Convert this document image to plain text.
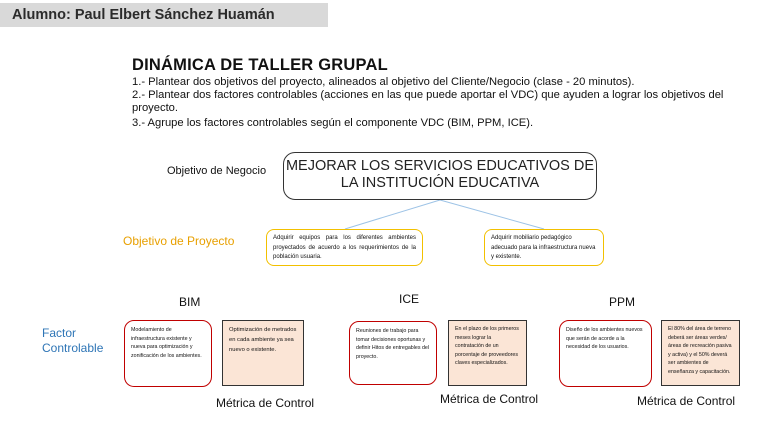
Alumno: Paul Elbert Sánchez Huamán
DINÁMICA DE TALLER GRUPAL
1.- Plantear dos objetivos del proyecto, alineados al objetivo del Cliente/Negocio (clase - 20 minutos).
2.- Plantear dos factores controlables (acciones en las que puede aportar el VDC) que ayuden a lograr los objetivos del proyecto.
3.- Agrupe los factores controlables según el componente VDC (BIM, PPM, ICE).
Objetivo de Negocio MEJORAR LOS SERVICIOS EDUCATIVOS DE LA INSTITUCIÓN EDUCATIVA
Objetivo de Proyecto	Adquirir equipos para los diferentes ambientes proyectados de acuerdo a los requerimientos de la población usuaria.
Adquirir mobiliario pedagógico adecuado para la infraestructura nueva y existente.
BIM	ICE	PPM
Factor Controlable
Modelamiento de infraestructura existente y nueva para optimización y zonificación de los ambientes.
Optimización de metrados en cada ambiente ya sea nuevo o existente.
Reuniones de trabajo para tomar decisiones oportunas y definir Hitos de entregables del proyecto.
En el plazo de los primeros meses lograr la contratación de un porcentaje de proveedores claves especializados.
Diseño de los ambientes nuevos que serán de acorde a la necesidad de los usuarios.
El 80% del área de terreno deberá ser áreas verdes/áreas de recreación pasiva y activa) y el 50% deverá ser ambientes de enseñanza y capacitación.
Métrica de Control	Métrica de Control	Métrica de Control
